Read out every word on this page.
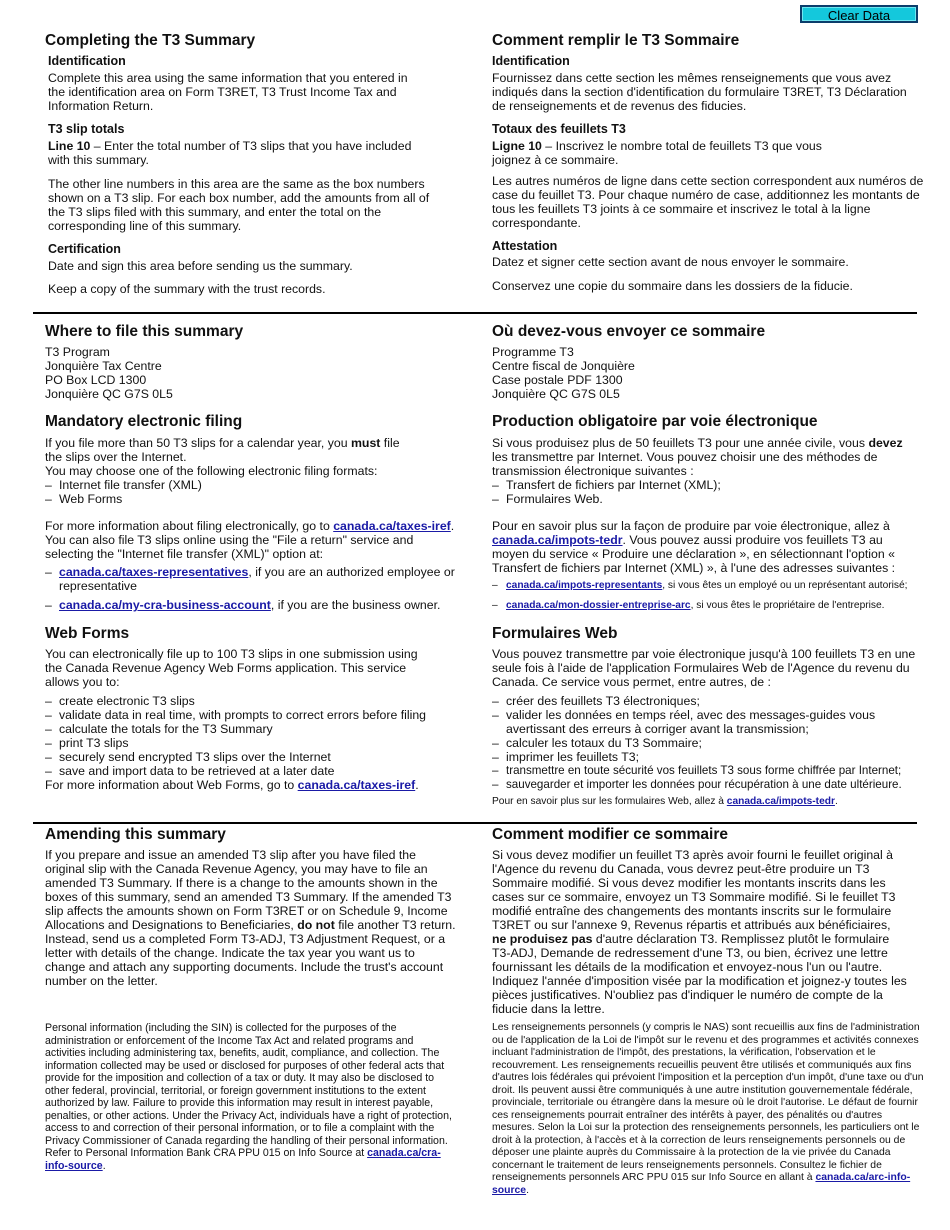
Clear Data
Completing the T3 Summary
Identification

Complete this area using the same information that you entered in the identification area on Form T3RET, T3 Trust Income Tax and Information Return.

T3 slip totals

Line 10 – Enter the total number of T3 slips that you have included with this summary.

The other line numbers in this area are the same as the box numbers shown on a T3 slip. For each box number, add the amounts from all of the T3 slips filed with this summary, and enter the total on the corresponding line of this summary.

Certification

Date and sign this area before sending us the summary.

Keep a copy of the summary with the trust records.

Where to file this summary

T3 Program
Jonquière Tax Centre
PO Box LCD 1300
Jonquière QC G7S 0L5

Mandatory electronic filing

If you file more than 50 T3 slips for a calendar year, you must file the slips over the Internet.

You may choose one of the following electronic filing formats:

– Internet file transfer (XML)
– Web Forms

For more information about filing electronically, go to canada.ca/taxes-iref. You can also file T3 slips online using the "File a return" service and selecting the "Internet file transfer (XML)" option at:

– canada.ca/taxes-representatives, if you are an authorized employee or representative
– canada.ca/my-cra-business-account, if you are the business owner.
Web Forms

You can electronically file up to 100 T3 slips in one submission using the Canada Revenue Agency Web Forms application. This service allows you to:

– create electronic T3 slips
– validate data in real time, with prompts to correct errors before filing
– calculate the totals for the T3 Summary
– print T3 slips
– securely send encrypted T3 slips over the Internet
– save and import data to be retrieved at a later date

For more information about Web Forms, go to canada.ca/taxes-iref.

Amending this summary

If you prepare and issue an amended T3 slip after you have filed the original slip with the Canada Revenue Agency, you may have to file an amended T3 Summary. If there is a change to the amounts shown in the boxes of this summary, send an amended T3 Summary. If the amended T3 slip affects the amounts shown on Form T3RET or on Schedule 9, Income Allocations and Designations to Beneficiaries, do not file another T3 return. Instead, send us a completed Form T3-ADJ, T3 Adjustment Request, or a letter with details of the change. Indicate the tax year you want us to change and attach any supporting documents. Include the trust's account number on the letter.

Personal information (including the SIN) is collected for the purposes of the administration or enforcement of the Income Tax Act and related programs and activities including administering tax, benefits, audit, compliance, and collection. The information collected may be used or disclosed for purposes of other federal acts that provide for the imposition and collection of a tax or duty. It may also be disclosed to other federal, provincial, territorial, or foreign government institutions to the extent authorized by law. Failure to provide this information may result in interest payable, penalties, or other actions. Under the Privacy Act, individuals have a right of protection, access to and correction of their personal information, or to file a complaint with the Privacy Commissioner of Canada regarding the handling of their personal information. Refer to Personal Information Bank CRA PPU 015 on Info Source at canada.ca/cra-info-source.

Comment remplir le T3 Sommaire
Identification

Fournissez dans cette section les mêmes renseignements que vous avez indiqués dans la section d'identification du formulaire T3RET, T3 Déclaration de renseignements et de revenus des fiducies.

Totaux des feuillets T3

Ligne 10 – Inscrivez le nombre total de feuillets T3 que vous joignez à ce sommaire.

Les autres numéros de ligne dans cette section correspondent aux numéros de case du feuillet T3. Pour chaque numéro de case, additionnez les montants de tous les feuillets T3 joints à ce sommaire et inscrivez le total à la ligne correspondante.

Attestation

Datez et signer cette section avant de nous envoyer le sommaire.

Conservez une copie du sommaire dans les dossiers de la fiducie.

Où devez-vous envoyer ce sommaire

Programme T3
Centre fiscal de Jonquière
Case postale PDF 1300
Jonquière QC G7S 0L5

Production obligatoire par voie électronique

Si vous produisez plus de 50 feuillets T3 pour une année civile, vous devez les transmettre par Internet. Vous pouvez choisir une des méthodes de transmission électronique suivantes :

– Transfert de fichiers par Internet (XML);
– Formulaires Web.

Pour en savoir plus sur la façon de produire par voie électronique, allez à canada.ca/impots-tedr. Vous pouvez aussi produire vos feuillets T3 au moyen du service « Produire une déclaration », en sélectionnant l'option « Transfert de fichiers par Internet (XML) », à l'une des adresses suivantes :

– canada.ca/impots-representants, si vous êtes un employé ou un représentant autorisé;
– canada.ca/mon-dossier-entreprise-arc, si vous êtes le propriétaire de l'entreprise.
Formulaires Web

Vous pouvez transmettre par voie électronique jusqu'à 100 feuillets T3 en une seule fois à l'aide de l'application Formulaires Web de l'Agence du revenu du Canada. Ce service vous permet, entre autres, de :

– créer des feuillets T3 électroniques;
– valider les données en temps réel, avec des messages-guides vous avertissant des erreurs à corriger avant la transmission;
– calculer les totaux du T3 Sommaire;
– imprimer les feuillets T3;
– transmettre en toute sécurité vos feuillets T3 sous forme chiffrée par Internet;
– sauvegarder et importer les données pour récupération à une date ultérieure.

Pour en savoir plus sur les formulaires Web, allez à canada.ca/impots-tedr.

Comment modifier ce sommaire

Si vous devez modifier un feuillet T3 après avoir fourni le feuillet original à l'Agence du revenu du Canada, vous devrez peut-être produire un T3 Sommaire modifié. Si vous devez modifier les montants inscrits dans les cases sur ce sommaire, envoyez un T3 Sommaire modifié. Si le feuillet T3 modifié entraîne des changements des montants inscrits sur le formulaire T3RET ou sur l'annexe 9, Revenus répartis et attribués aux bénéficiaires, ne produisez pas d'autre déclaration T3. Remplissez plutôt le formulaire T3-ADJ, Demande de redressement d'une T3, ou bien, écrivez une lettre fournissant les détails de la modification et envoyez-nous l'un ou l'autre. Indiquez l'année d'imposition visée par la modification et joignez-y toutes les pièces justificatives. N'oubliez pas d'indiquer le numéro de compte de la fiducie dans la lettre.

Les renseignements personnels (y compris le NAS) sont recueillis aux fins de l'administration ou de l'application de la Loi de l'impôt sur le revenu et des programmes et activités connexes incluant l'administration de l'impôt, des prestations, la vérification, l'observation et le recouvrement. Les renseignements recueillis peuvent être utilisés et communiqués aux fins d'autres lois fédérales qui prévoient l'imposition et la perception d'un impôt, d'une taxe ou d'un droit. Ils peuvent aussi être communiqués à une autre institution gouvernementale fédérale, provinciale, territoriale ou étrangère dans la mesure où le droit l'autorise. Le défaut de fournir ces renseignements pourrait entraîner des intérêts à payer, des pénalités ou d'autres mesures. Selon la Loi sur la protection des renseignements personnels, les particuliers ont le droit à la protection, à l'accès et à la correction de leurs renseignements personnels ou de déposer une plainte auprès du Commissaire à la protection de la vie privée du Canada concernant le traitement de leurs renseignements personnels. Consultez le fichier de renseignements personnels ARC PPU 015 sur Info Source en allant à canada.ca/arc-info-source.
